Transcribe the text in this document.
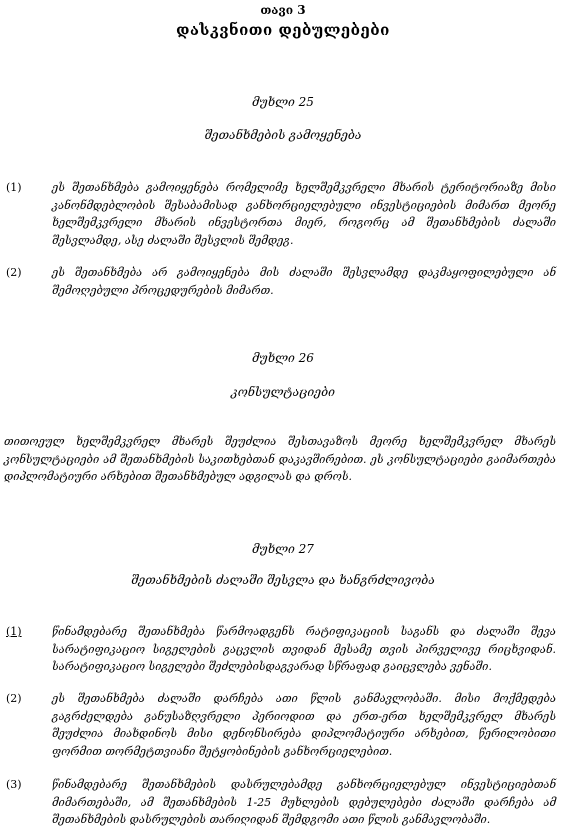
თავი 3
დასკვნითი დებულებები
მუხლი 25
შეთანხმების გამოყენება
(1)	ეს შეთანხმება გამოიყენება რომელიმე ხელშემკვრელი მხარის ტერიტორიაზე მისი კანონმდებლობის შესაბამისად განხორციელებული ინვესტიციების მიმართ მეორე ხელშემკვრელი მხარის ინვესტორთა მიერ, როგორც ამ შეთანხმების ძალაში შესვლამდე, ასე ძალაში შესვლის შემდეგ.

(2)	ეს შეთანხმება არ გამოიყენება მის ძალაში შესვლამდე დაკმაყოფილებული ან შემოღებული პროცედურების მიმართ.

მუხლი 26
კონსულტაციები

თითოეულ ხელშემკვრელ მხარეს შეუძლია შესთავაზოს მეორე ხელშემკვრელ მხარეს კონსულტაციები ამ შეთანხმების საკითხებთან დაკავშირებით. ეს კონსულტაციები გაიმართება დიპლომატიური არხებით შეთანხმებულ ადგილას და დროს.

მუხლი 27
შეთანხმების ძალაში შესვლა და ხანგრძლივობა
(1)	წინამდებარე შეთანხმება წარმოადგენს რატიფიკაციის საგანს და ძალაში შევა სარატიფიკაციო სიგელების გაცვლის თვიდან მესამე თვის პირველივე რიცხვიდან. სარატიფიკაციო სიგელები შეძლებისდაგვარად სწრაფად გაიცვლება ვენაში.

(2)	ეს შეთანხმება ძალაში დარჩება ათი წლის განმავლობაში. მისი მოქმედება გაგრძელდება განუსაზღვრელი პერიოდით და ერთ-ერთ ხელშემკვრელ მხარეს შეუძლია მიახდინოს მისი დენონსირება დიპლომატიური არხებით, წერილობითი ფორმით თორმეტთვიანი შეტყობინების განხორციელებით.

(3)	წინამდებარე შეთანხმების დასრულებამდე განხორციელებულ ინვესტიციებთან მიმართებაში, ამ შეთანხმების 1-25 მუხლების დებულებები ძალაში დარჩება ამ შეთანხმების დასრულების თარიღიდან შემდგომი ათი წლის განმავლობაში.
